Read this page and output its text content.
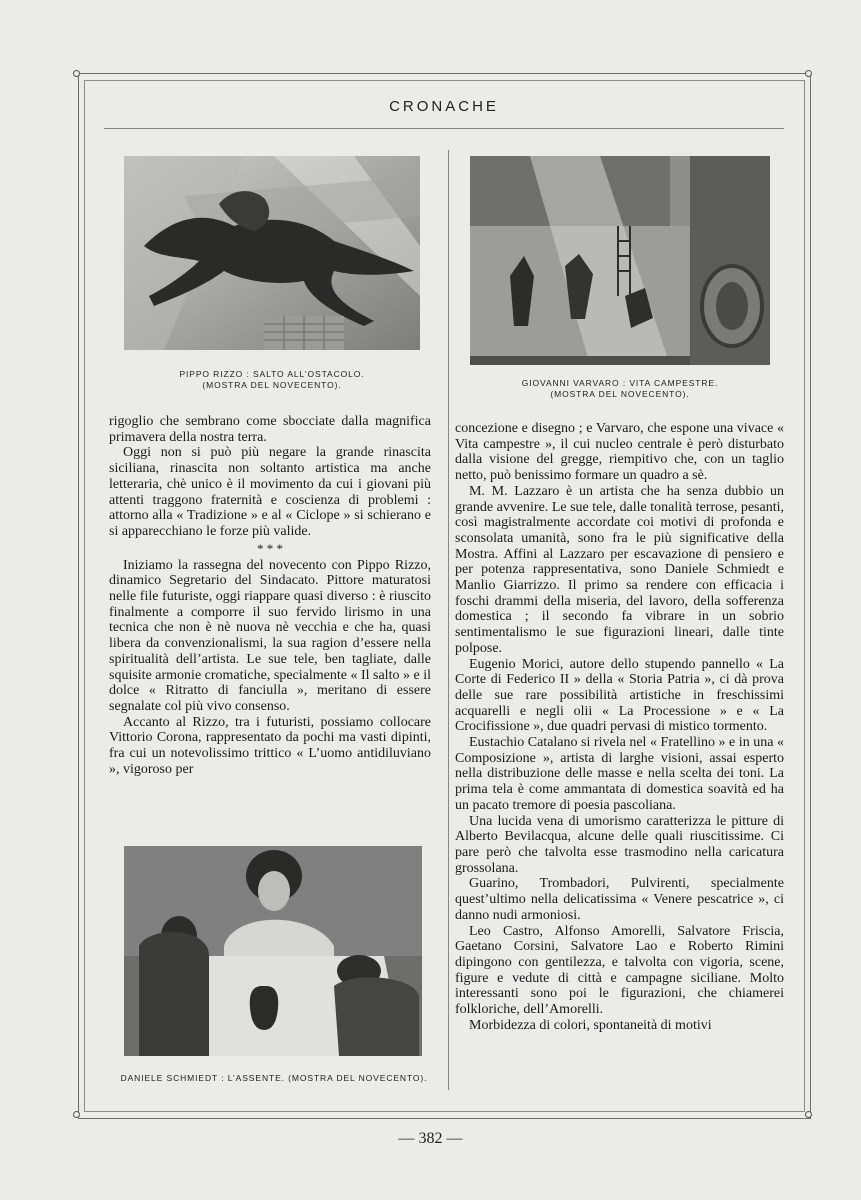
CRONACHE
PIPPO RIZZO : SALTO ALL’OSTACOLO.
(MOSTRA DEL NOVECENTO).	GIOVANNI VARVARO : VITA CAMPESTRE.
(MOSTRA DEL NOVECENTO).

rigoglio che sembrano come sbocciate dalla magnifica primavera della nostra terra.

Oggi non si può più negare la grande rinascita siciliana, rinascita non soltanto artistica ma anche letteraria, chè unico è il movimento da cui i giovani più attenti traggono fraternità e coscienza di problemi : attorno alla « Tradizione » e al « Ciclope » si schierano e si apparecchiano le forze più valide.

* * *

Iniziamo la rassegna del novecento con Pippo Rizzo, dinamico Segretario del Sindacato. Pittore maturatosi nelle file futuriste, oggi riappare quasi diverso : è riuscito finalmente a comporre il suo fervido lirismo in una tecnica che non è nè nuova nè vecchia e che ha, quasi libera da convenzionalismi, la sua ragion d’essere nella spiritualità dell’artista. Le sue tele, ben tagliate, dalle squisite armonie cromatiche, specialmente « Il salto » e il dolce « Ritratto di fanciulla », meritano di essere segnalate col più vivo consenso.

Accanto al Rizzo, tra i futuristi, possiamo collocare Vittorio Corona, rappresentato da pochi ma vasti dipinti, fra cui un notevolissimo trittico « L’uomo antidiluviano », vigoroso per

DANIELE SCHMIEDT : L’ASSENTE. (MOSTRA DEL NOVECENTO).

concezione e disegno ; e Varvaro, che espone una vivace « Vita campestre », il cui nucleo centrale è però disturbato dalla visione del gregge, riempitivo che, con un taglio netto, può benissimo formare un quadro a sè.

M. M. Lazzaro è un artista che ha senza dubbio un grande avvenire. Le sue tele, dalle tonalità terrose, pesanti, così magistralmente accordate coi motivi di profonda e sconsolata umanità, sono fra le più significative della Mostra. Affini al Lazzaro per escavazione di pensiero e per potenza rappresentativa, sono Daniele Schmiedt e Manlio Giarrizzo. Il primo sa rendere con efficacia i foschi drammi della miseria, del lavoro, della sofferenza domestica ; il secondo fa vibrare in un sobrio sentimentalismo le sue figurazioni lineari, dalle tinte polpose.

Eugenio Morici, autore dello stupendo pannello « La Corte di Federico II » della « Storia Patria », ci dà prova delle sue rare possibilità artistiche in freschissimi acquarelli e negli olii « La Processione » e « La Crocifissione », due quadri pervasi di mistico tormento.

Eustachio Catalano si rivela nel « Fratellino » e in una « Composizione », artista di larghe visioni, assai esperto nella distribuzione delle masse e nella scelta dei toni. La prima tela è come ammantata di domestica soavità ed ha un pacato tremore di poesia pascoliana.

Una lucida vena di umorismo caratterizza le pitture di Alberto Bevilacqua, alcune delle quali riuscitissime. Ci pare però che talvolta esse trasmodino nella caricatura grossolana.

Guarino, Trombadori, Pulvirenti, specialmente quest’ultimo nella delicatissima « Venere pescatrice », ci danno nudi armoniosi.

Leo Castro, Alfonso Amorelli, Salvatore Friscia, Gaetano Corsini, Salvatore Lao e Roberto Rimini dipingono con gentilezza, e talvolta con vigoria, scene, figure e vedute di città e campagne siciliane. Molto interessanti sono poi le figurazioni, che chiamerei folkloriche, dell’Amorelli.

Morbidezza di colori, spontaneità di motivi

— 382 —
